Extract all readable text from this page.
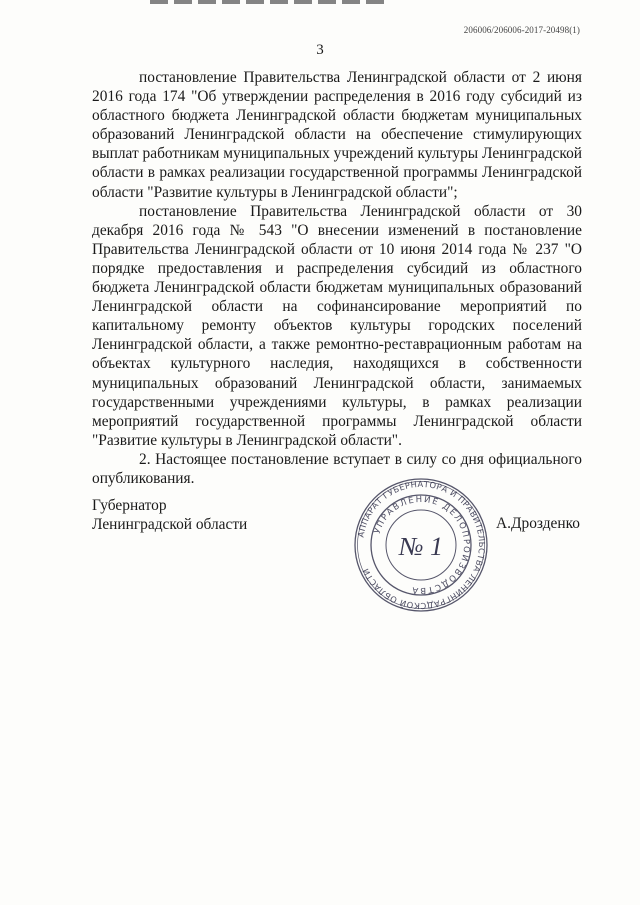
206006/206006-2017-20498(1)
3

постановление Правительства Ленинградской области от 2 июня 2016 года 174 "Об утверждении распределения в 2016 году субсидий из областного бюджета Ленинградской области бюджетам муниципальных образований Ленинградской области на обеспечение стимулирующих выплат работникам муниципальных учреждений культуры Ленинградской области в рамках реализации государственной программы Ленинградской области "Развитие культуры в Ленинградской области";

постановление Правительства Ленинградской области от 30 декабря 2016 года № 543 "О внесении изменений в постановление Правительства Ленинградской области от 10 июня 2014 года № 237 "О порядке предоставления и распределения субсидий из областного бюджета Ленинградской области бюджетам муниципальных образований Ленинградской области на софинансирование мероприятий по капитальному ремонту объектов культуры городских поселений Ленинградской области, а также ремонтно-реставрационным работам на объектах культурного наследия, находящихся в собственности муниципальных образований Ленинградской области, занимаемых государственными учреждениями культуры, в рамках реализации мероприятий государственной программы Ленинградской области "Развитие культуры в Ленинградской области".

2. Настоящее постановление вступает в силу со дня официального опубликования.

Губернатор
Ленинградской области	А.Дрозденко
АППАРАТ ГУБЕРНАТОРА И ПРАВИТЕЛЬСТВА ЛЕНИНГРАДСКОЙ ОБЛАСТИ
УПРАВЛЕНИЕ ДЕЛОПРОИЗВОДСТВА
№ 1
